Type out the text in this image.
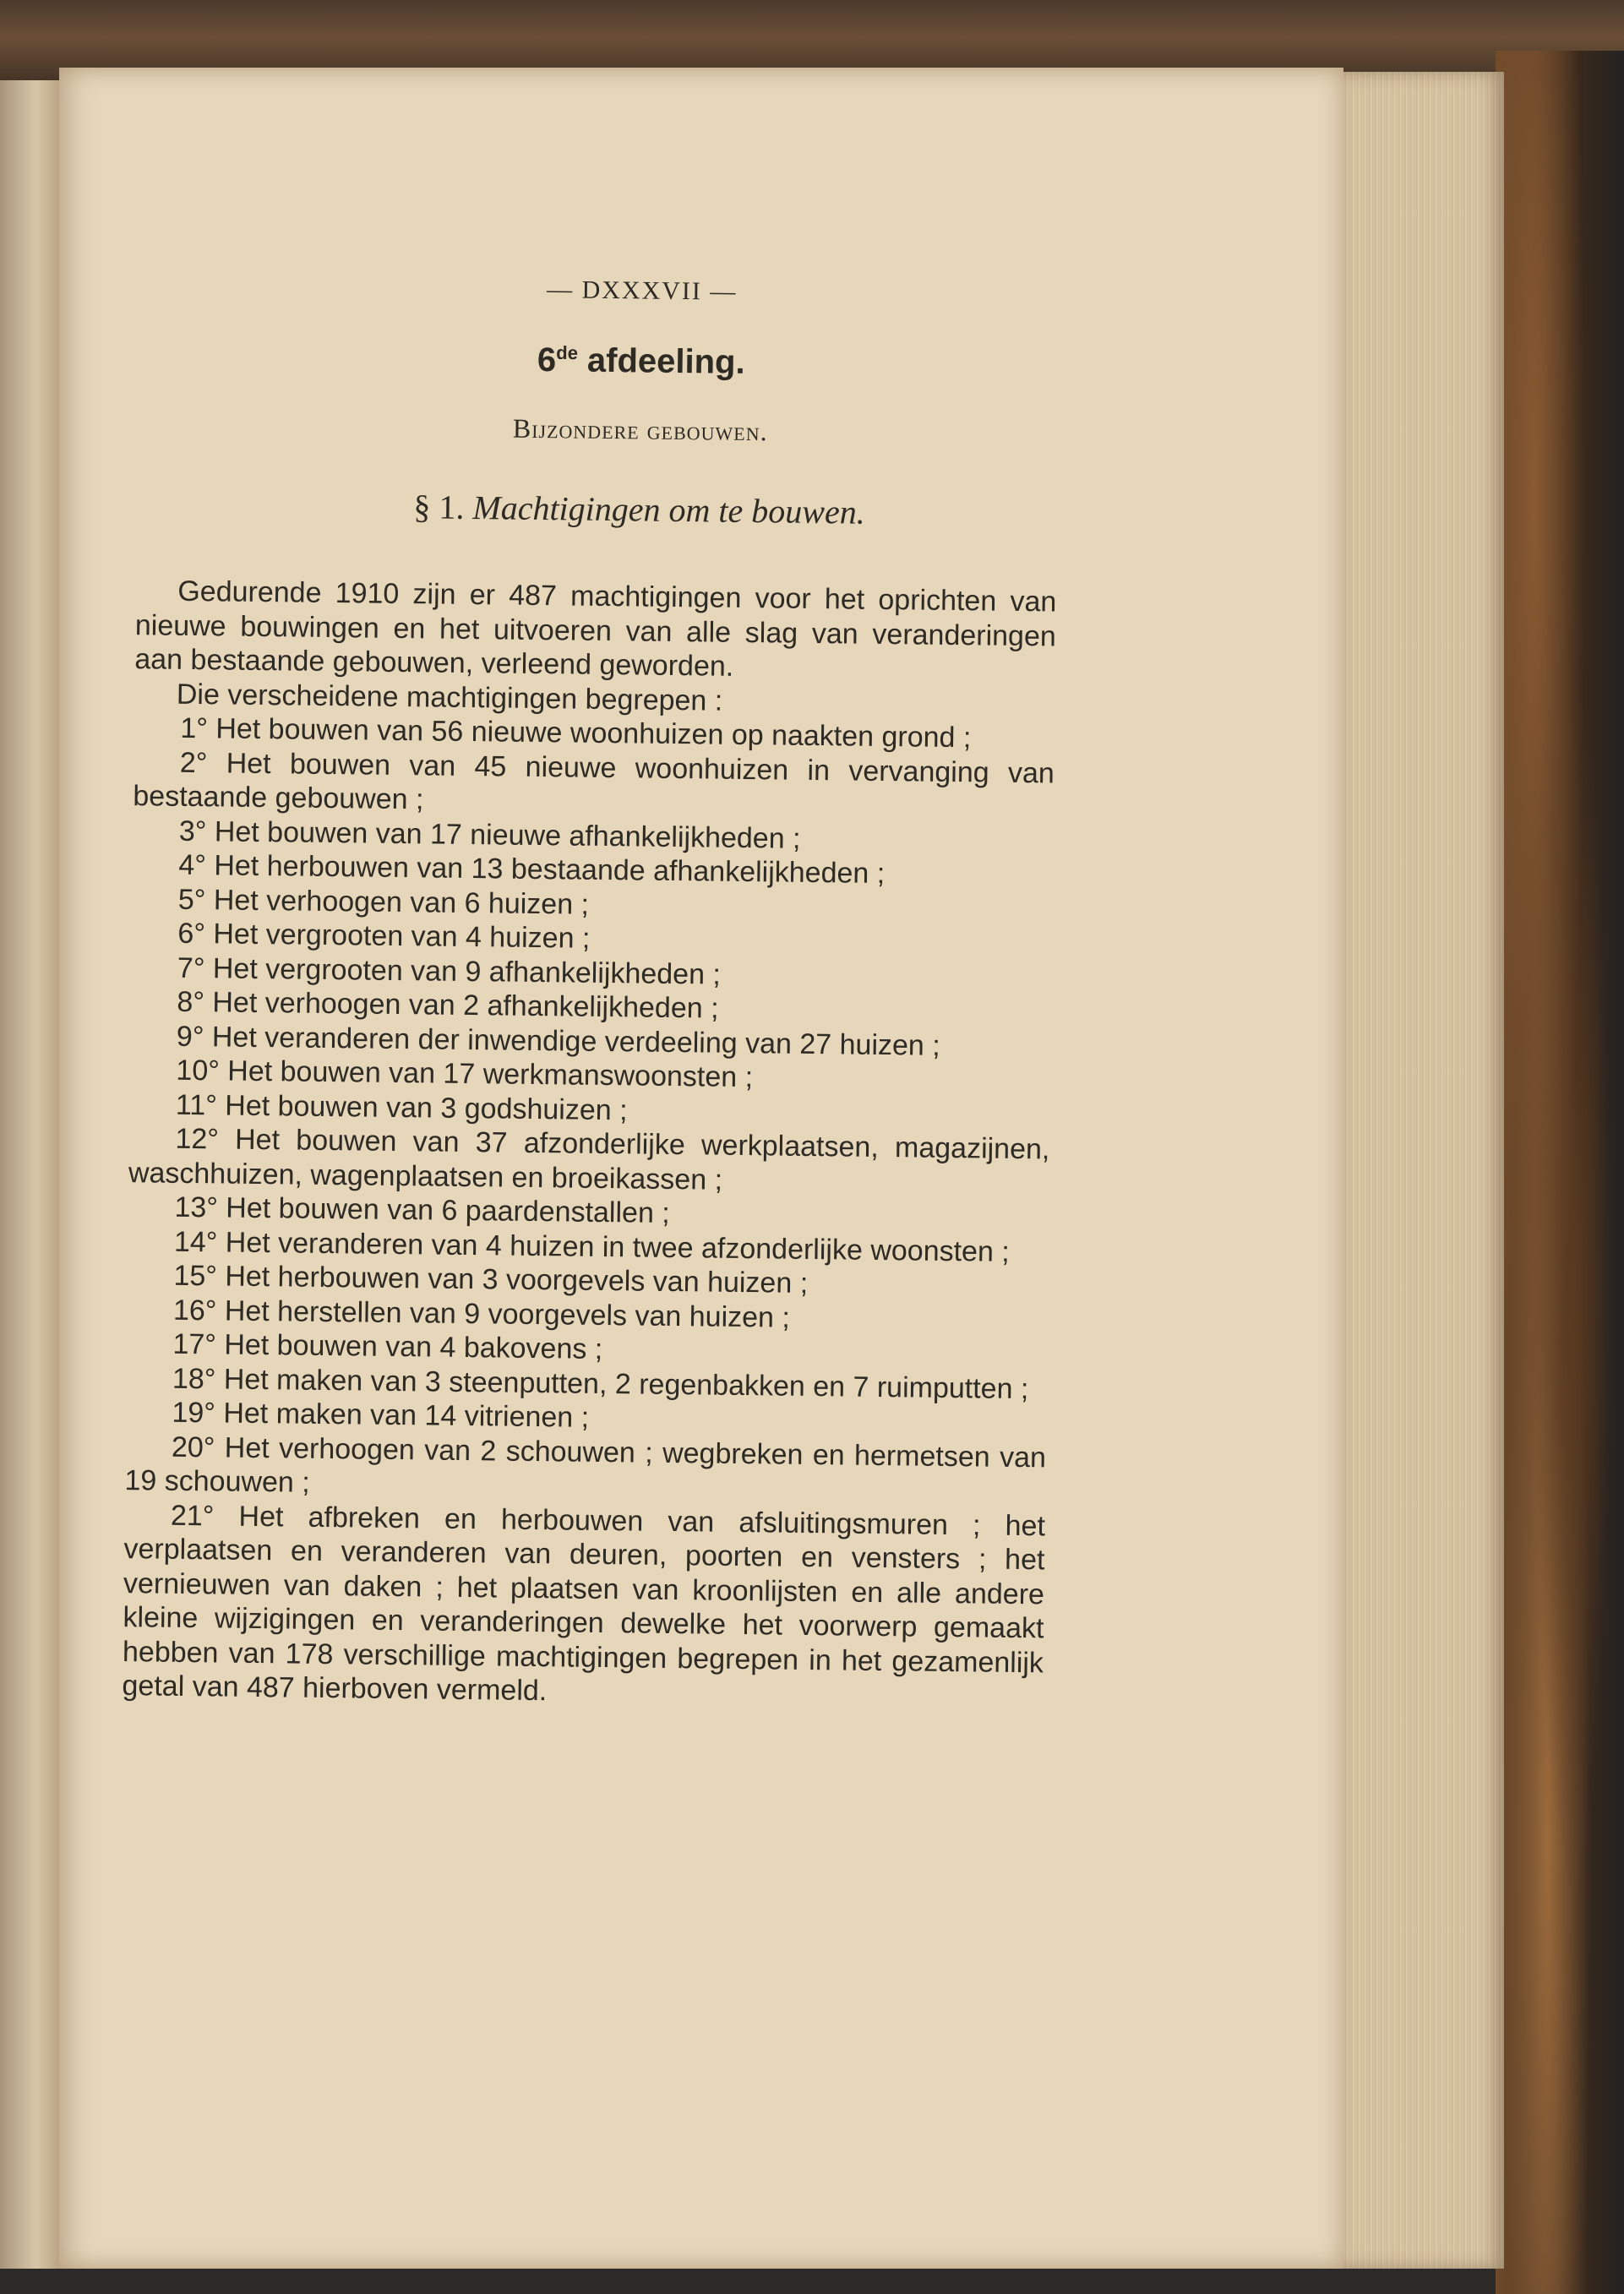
— DXXXVII —
6de afdeeling.
Bijzondere gebouwen.
§ 1. Machtigingen om te bouwen.

Gedurende 1910 zijn er 487 machtigingen voor het oprichten van nieuwe bouwingen en het uitvoeren van alle slag van veranderingen aan bestaande gebouwen, verleend geworden.

Die verscheidene machtigingen begrepen :

1° Het bouwen van 56 nieuwe woonhuizen op naakten grond ;

2° Het bouwen van 45 nieuwe woonhuizen in vervanging van bestaande gebouwen ;

3° Het bouwen van 17 nieuwe afhankelijkheden ;

4° Het herbouwen van 13 bestaande afhankelijkheden ;

5° Het verhoogen van 6 huizen ;

6° Het vergrooten van 4 huizen ;

7° Het vergrooten van 9 afhankelijkheden ;

8° Het verhoogen van 2 afhankelijkheden ;

9° Het veranderen der inwendige verdeeling van 27 huizen ;

10° Het bouwen van 17 werkmanswoonsten ;

11° Het bouwen van 3 godshuizen ;

12° Het bouwen van 37 afzonderlijke werkplaatsen, magazijnen, waschhuizen, wagenplaatsen en broeikassen ;

13° Het bouwen van 6 paardenstallen ;

14° Het veranderen van 4 huizen in twee afzonderlijke woonsten ;

15° Het herbouwen van 3 voorgevels van huizen ;

16° Het herstellen van 9 voorgevels van huizen ;

17° Het bouwen van 4 bakovens ;

18° Het maken van 3 steenputten, 2 regenbakken en 7 ruimputten ;

19° Het maken van 14 vitrienen ;

20° Het verhoogen van 2 schouwen ; wegbreken en hermetsen van 19 schouwen ;

21° Het afbreken en herbouwen van afsluitingsmuren ; het verplaatsen en veranderen van deuren, poorten en vensters ; het vernieuwen van daken ; het plaatsen van kroonlijsten en alle andere kleine wijzigingen en veranderingen dewelke het voorwerp gemaakt hebben van 178 verschillige machtigingen begrepen in het gezamenlijk getal van 487 hierboven vermeld.
